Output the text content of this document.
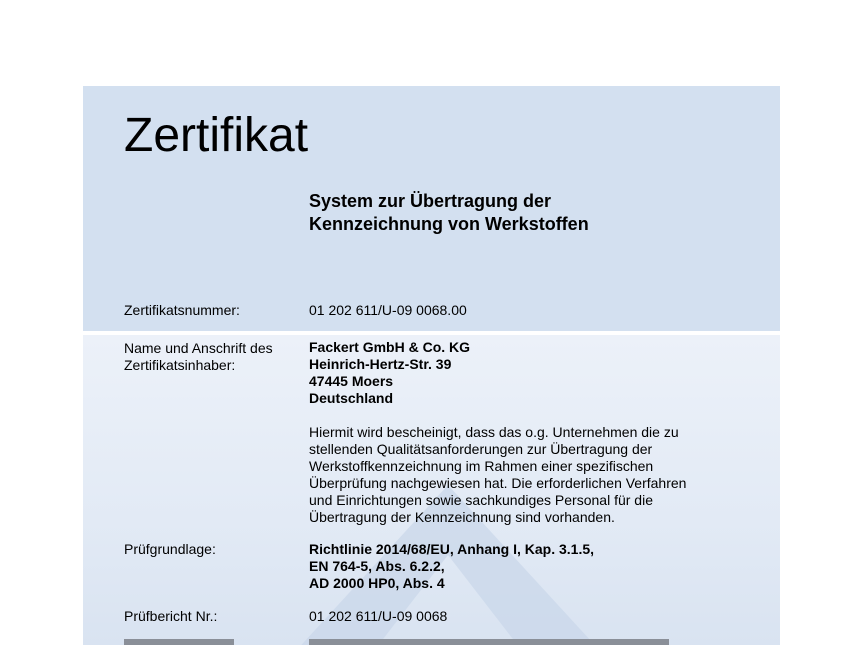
Zertifikat
System zur Übertragung der
Kennzeichnung von Werkstoffen
Zertifikatsnummer:	01 202 611/U-09 0068.00
Name und Anschrift des
Zertifikatsinhaber:
Fackert GmbH & Co. KG
Heinrich-Hertz-Str. 39
47445 Moers
Deutschland
Hiermit wird bescheinigt, dass das o.g. Unternehmen die zu
stellenden Qualitätsanforderungen zur Übertragung der
Werkstoffkennzeichnung im Rahmen einer spezifischen
Überprüfung nachgewiesen hat. Die erforderlichen Verfahren
und Einrichtungen sowie sachkundiges Personal für die
Übertragung der Kennzeichnung sind vorhanden.
Prüfgrundlage:	Richtlinie 2014/68/EU, Anhang I, Kap. 3.1.5,
EN 764-5, Abs. 6.2.2,
AD 2000 HP0, Abs. 4
Prüfbericht Nr.:	01 202 611/U-09 0068
